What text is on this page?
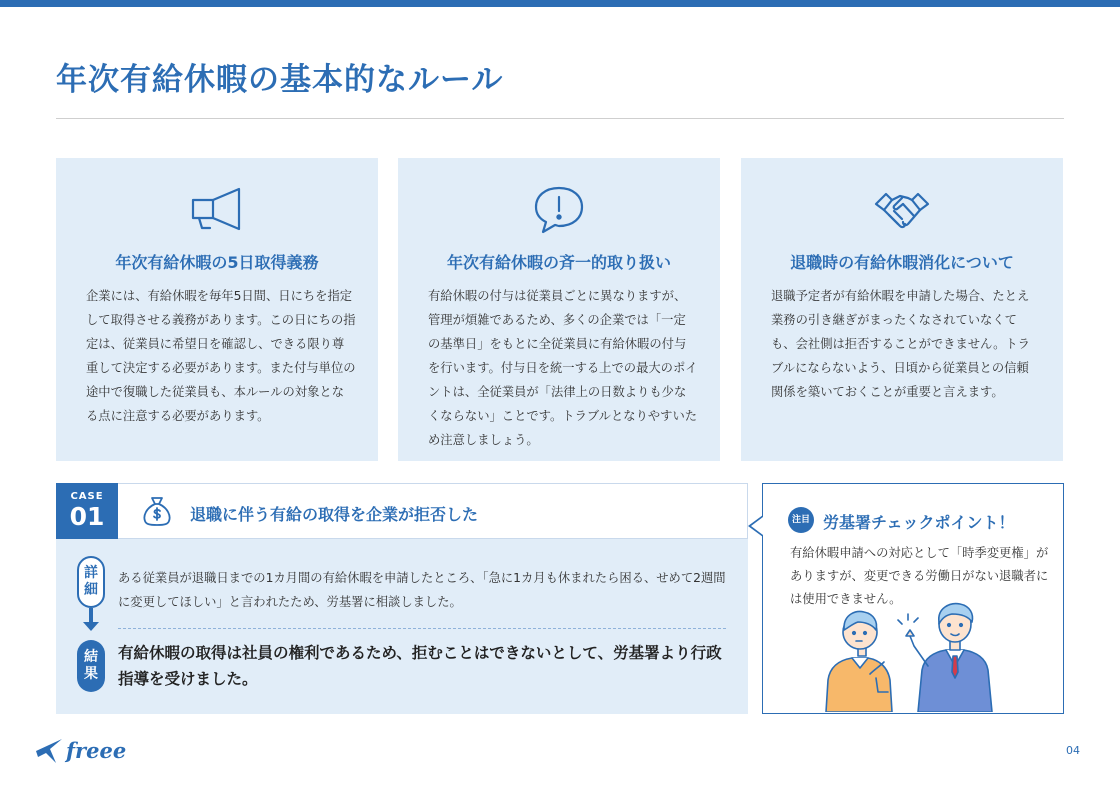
年次有給休暇の基本的なルール
年次有給休暇の5日取得義務
企業には、有給休暇を毎年5日間、日にちを指定して取得させる義務があります。この日にちの指定は、従業員に希望日を確認し、できる限り尊重して決定する必要があります。また付与単位の途中で復職した従業員も、本ルールの対象となる点に注意する必要があります。
年次有給休暇の斉一的取り扱い
有給休暇の付与は従業員ごとに異なりますが、管理が煩雑であるため、多くの企業では「一定の基準日」をもとに全従業員に有給休暇の付与を行います。付与日を統一する上での最大のポイントは、全従業員が「法律上の日数よりも少なくならない」ことです。トラブルとなりやすいため注意しましょう。
退職時の有給休暇消化について
退職予定者が有給休暇を申請した場合、たとえ業務の引き継ぎがまったくなされていなくても、会社側は拒否することができません。トラブルにならないよう、日頃から従業員との信頼関係を築いておくことが重要と言えます。
CASE
01	退職に伴う有給の取得を企業が拒否した
詳細
結果
ある従業員が退職日までの1カ月間の有給休暇を申請したところ、「急に1カ月も休まれたら困る、せめて2週間に変更してほしい」と言われたため、労基署に相談しました。
有給休暇の取得は社員の権利であるため、拒むことはできないとして、労基署より行政指導を受けました。
注目 労基署チェックポイント！
有給休暇申請への対応として「時季変更権」がありますが、変更できる労働日がない退職者には使用できません。
freee	04
